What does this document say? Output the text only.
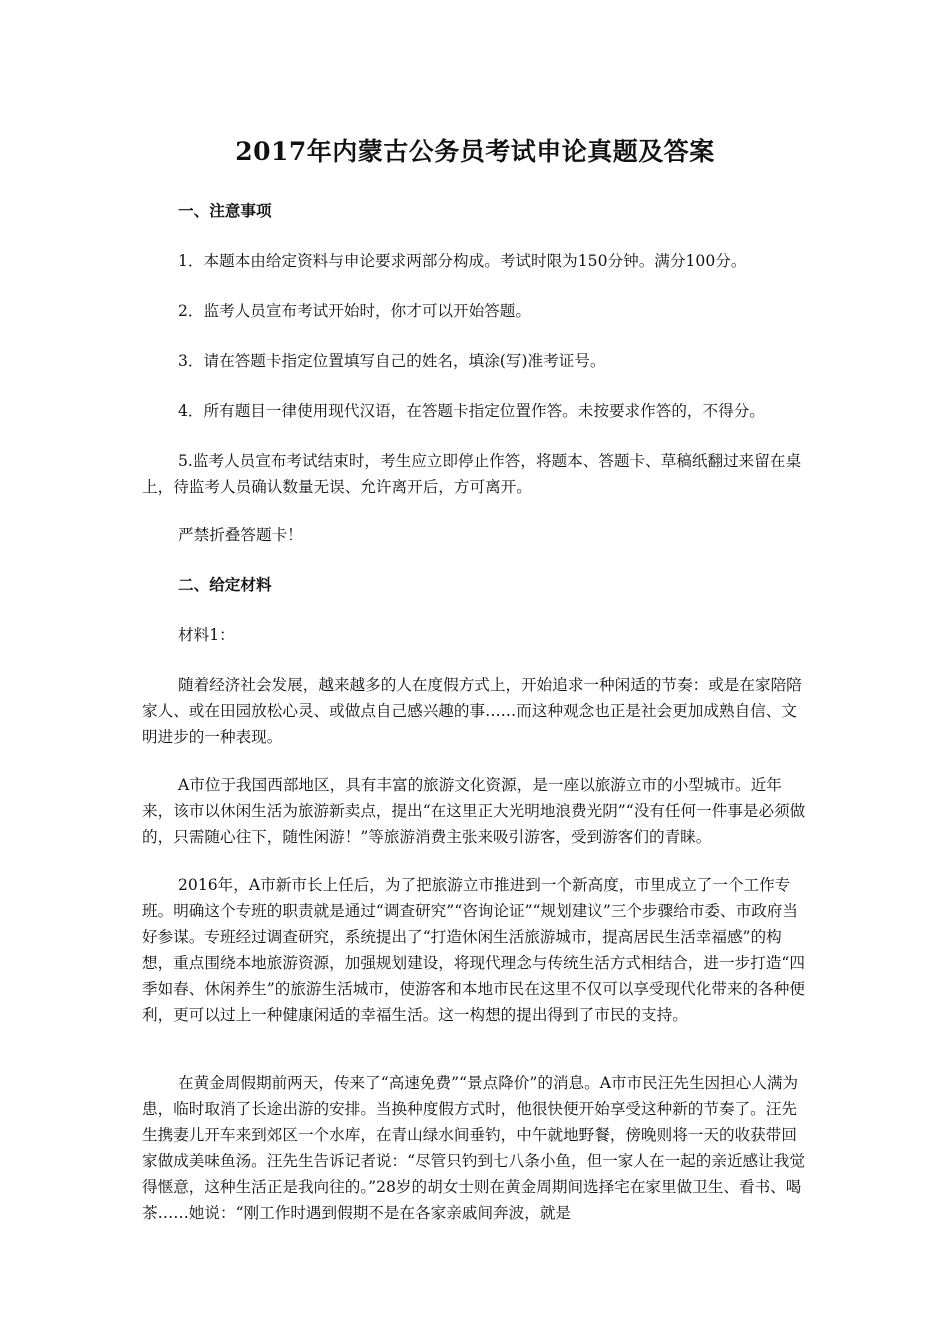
2017年内蒙古公务员考试申论真题及答案

一、注意事项

1．本题本由给定资料与申论要求两部分构成。考试时限为150分钟。满分100分。

2．监考人员宣布考试开始时，你才可以开始答题。

3．请在答题卡指定位置填写自己的姓名，填涂(写)准考证号。

4．所有题目一律使用现代汉语，在答题卡指定位置作答。未按要求作答的，不得分。

5.监考人员宣布考试结束时，考生应立即停止作答，将题本、答题卡、草稿纸翻过来留在桌上，待监考人员确认数量无误、允许离开后，方可离开。

严禁折叠答题卡！

二、给定材料

材料1：

随着经济社会发展，越来越多的人在度假方式上，开始追求一种闲适的节奏：或是在家陪陪家人、或在田园放松心灵、或做点自己感兴趣的事……而这种观念也正是社会更加成熟自信、文明进步的一种表现。

A市位于我国西部地区，具有丰富的旅游文化资源，是一座以旅游立市的小型城市。近年来，该市以休闲生活为旅游新卖点，提出“在这里正大光明地浪费光阴”“没有任何一件事是必须做的，只需随心往下，随性闲游！”等旅游消费主张来吸引游客，受到游客们的青睐。

2016年，A市新市长上任后，为了把旅游立市推进到一个新高度，市里成立了一个工作专班。明确这个专班的职责就是通过“调查研究”“咨询论证”“规划建议”三个步骤给市委、市政府当好参谋。专班经过调查研究，系统提出了“打造休闲生活旅游城市，提高居民生活幸福感”的构想，重点围绕本地旅游资源，加强规划建设，将现代理念与传统生活方式相结合，进一步打造“四季如春、休闲养生”的旅游生活城市，使游客和本地市民在这里不仅可以享受现代化带来的各种便利，更可以过上一种健康闲适的幸福生活。这一构想的提出得到了市民的支持。

在黄金周假期前两天，传来了“高速免费”“景点降价”的消息。A市市民汪先生因担心人满为患，临时取消了长途出游的安排。当换种度假方式时，他很快便开始享受这种新的节奏了。汪先生携妻儿开车来到郊区一个水库，在青山绿水间垂钓，中午就地野餐，傍晚则将一天的收获带回家做成美味鱼汤。汪先生告诉记者说：“尽管只钓到七八条小鱼，但一家人在一起的亲近感让我觉得惬意，这种生活正是我向往的。”28岁的胡女士则在黄金周期间选择宅在家里做卫生、看书、喝茶……她说：“刚工作时遇到假期不是在各家亲戚间奔波，就是
